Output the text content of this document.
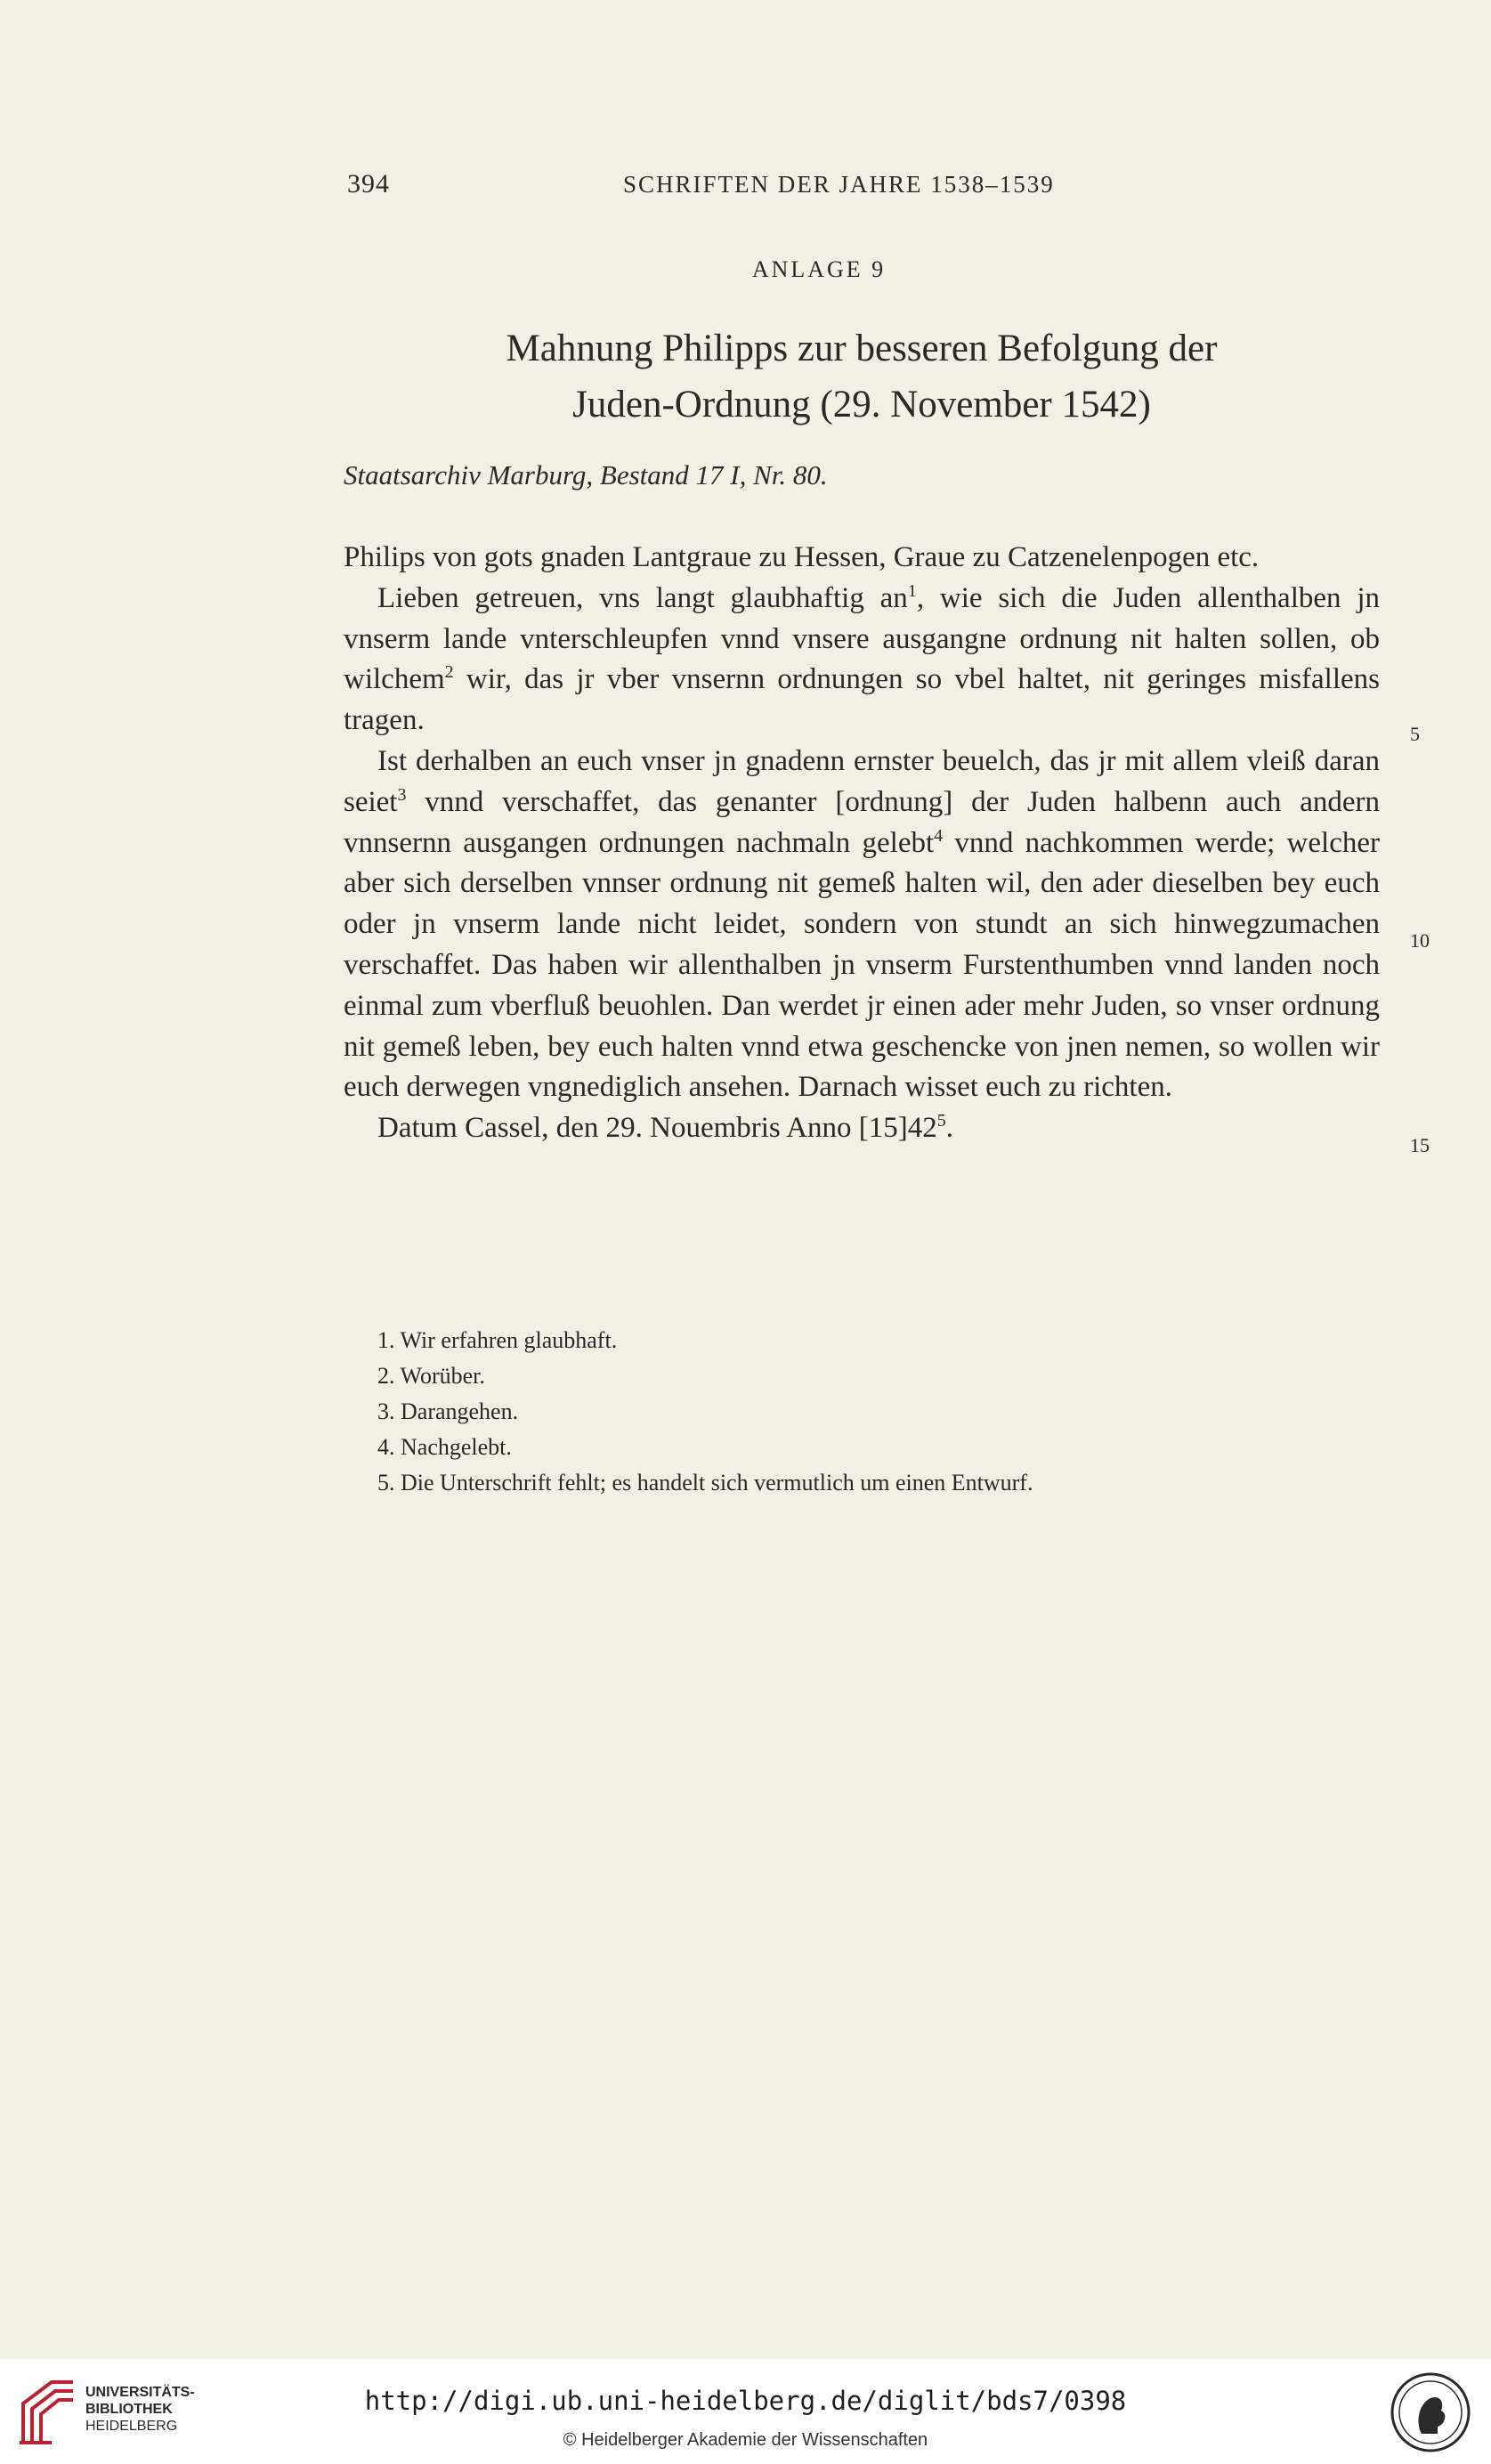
394	SCHRIFTEN DER JAHRE 1538–1539
ANLAGE 9
Mahnung Philipps zur besseren Befolgung der
Juden-Ordnung (29. November 1542)
Staatsarchiv Marburg, Bestand 17 I, Nr. 80.

Philips von gots gnaden Lantgraue zu Hessen, Graue zu Catzenelenpogen etc.

Lieben getreuen, vns langt glaubhaftig $an^1$, wie sich die Juden allenthalben jn vnserm lande vnterschleupfen vnnd vnsere ausgangne ordnung nit halten sollen, ob wilchem$^2$ wir, das jr vber vnsernn ordnungen so vbel haltet, nit geringes misfallens tragen.

Ist derhalben an euch vnser jn gnadenn ernster beuelch, das jr mit allem vleiß daran seiet$^3$ vnnd verschaffet, das genanter [ordnung] der Juden halbenn auch andern vnnsernn ausgangen ordnungen nachmaln gelebt$^4$ vnnd nachkommen werde; welcher aber sich derselben vnnser ordnung nit gemeß halten wil, den ader dieselben bey euch oder jn vnserm lande nicht leidet, sondern von stundt an sich hinwegzumachen verschaffet. Das haben wir allenthalben jn vnserm Furstenthumben vnnd landen noch einmal zum vberfluß beuohlen. Dan werdet jr einen ader mehr Juden, so vnser ordnung nit gemeß leben, bey euch halten vnnd etwa geschencke von jnen nemen, so wollen wir euch derwegen vngnediglich ansehen. Darnach wisset euch zu richten.

Datum Cassel, den 29. Nouembris Anno $[15]42^5$.

5
10
15
1. Wir erfahren glaubhaft.
2. Worüber.
3. Darangehen.
4. Nachgelebt.
5. Die Unterschrift fehlt; es handelt sich vermutlich um einen Entwurf.
UNIVERSITÄTS-
BIBLIOTHEK
HEIDELBERG
http://digi.ub.uni-heidelberg.de/diglit/bds7/0398
© Heidelberger Akademie der Wissenschaften
